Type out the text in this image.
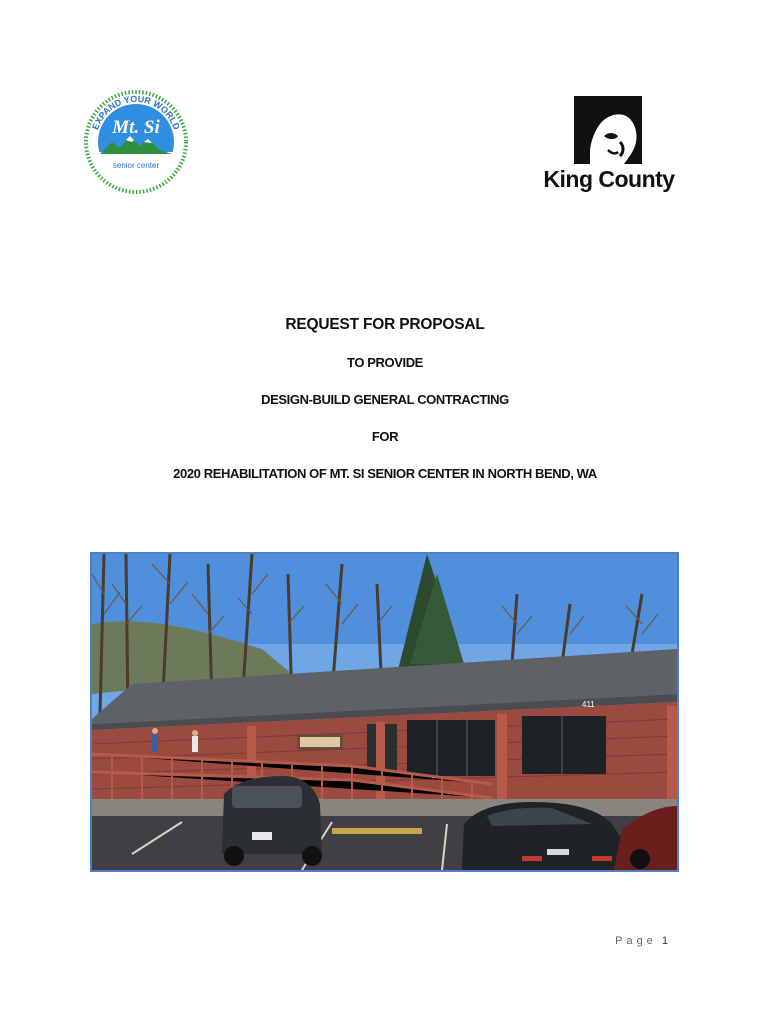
EXPAND YOUR WORLD
Mt. Si
senior center
King County
REQUEST FOR PROPOSAL
TO PROVIDE
DESIGN-BUILD GENERAL CONTRACTING
FOR
2020 REHABILITATION OF MT. SI SENIOR CENTER IN NORTH BEND, WA
411
Page 1
